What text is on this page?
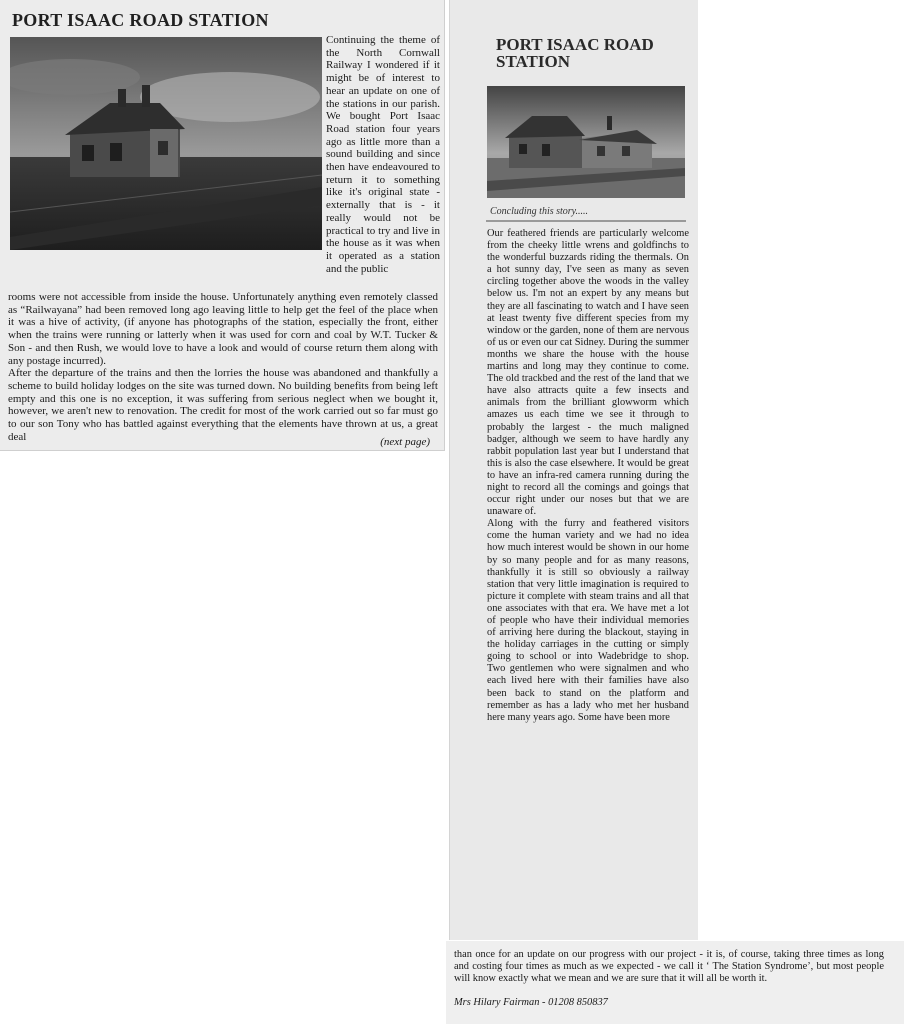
PORT ISAAC ROAD STATION
Continuing the theme of the North Cornwall Railway I wondered if it might be of interest to hear an update on one of the stations in our parish. We bought Port Isaac Road station four years ago as little more than a sound building and since then have endeavoured to return it to something like it's original state - externally that is - it really would not be practical to try and live in the house as it was when it operated as a station and the public

rooms were not accessible from inside the house. Unfortunately anything even remotely classed as “Railwayana” had been removed long ago leaving little to help get the feel of the place when it was a hive of activity, (if anyone has photographs of the station, especially the front, either when the trains were running or latterly when it was used for corn and coal by W.T. Tucker & Son - and then Rush, we would love to have a look and would of course return them along with any postage incurred).

After the departure of the trains and then the lorries the house was abandoned and thankfully a scheme to build holiday lodges on the site was turned down. No building benefits from being left empty and this one is no exception, it was suffering from serious neglect when we bought it, however, we aren't new to renovation. The credit for most of the work carried out so far must go to our son Tony who has battled against everything that the elements have thrown at us, a great deal	(next page)
PORT ISAAC ROAD STATION
Concluding this story.....

Our feathered friends are particularly welcome from the cheeky little wrens and goldfinchs to the wonderful buzzards riding the thermals. On a hot sunny day, I've seen as many as seven circling together above the woods in the valley below us. I'm not an expert by any means but they are all fascinating to watch and I have seen at least twenty five different species from my window or the garden, none of them are nervous of us or even our cat Sidney. During the summer months we share the house with the house martins and long may they continue to come. The old trackbed and the rest of the land that we have also attracts quite a few insects and animals from the brilliant glowworm which amazes us each time we see it through to probably the largest - the much maligned badger, although we seem to have hardly any rabbit population last year but I understand that this is also the case elsewhere. It would be great to have an infra-red camera running during the night to record all the comings and goings that occur right under our noses but that we are unaware of.

Along with the furry and feathered visitors come the human variety and we had no idea how much interest would be shown in our home by so many people and for as many reasons, thankfully it is still so obviously a railway station that very little imagination is required to picture it complete with steam trains and all that one associates with that era. We have met a lot of people who have their individual memories of arriving here during the blackout, staying in the holiday carriages in the cutting or simply going to school or into Wadebridge to shop. Two gentlemen who were signalmen and who each lived here with their families have also been back to stand on the platform and remember as has a lady who met her husband here many years ago. Some have been more

than once for an update on our progress with our project - it is, of course, taking three times as long and costing four times as much as we expected - we call it ‘ The Station Syndrome’, but most people will know exactly what we mean and we are sure that it will all be worth it.
Mrs Hilary Fairman - 01208 850837
